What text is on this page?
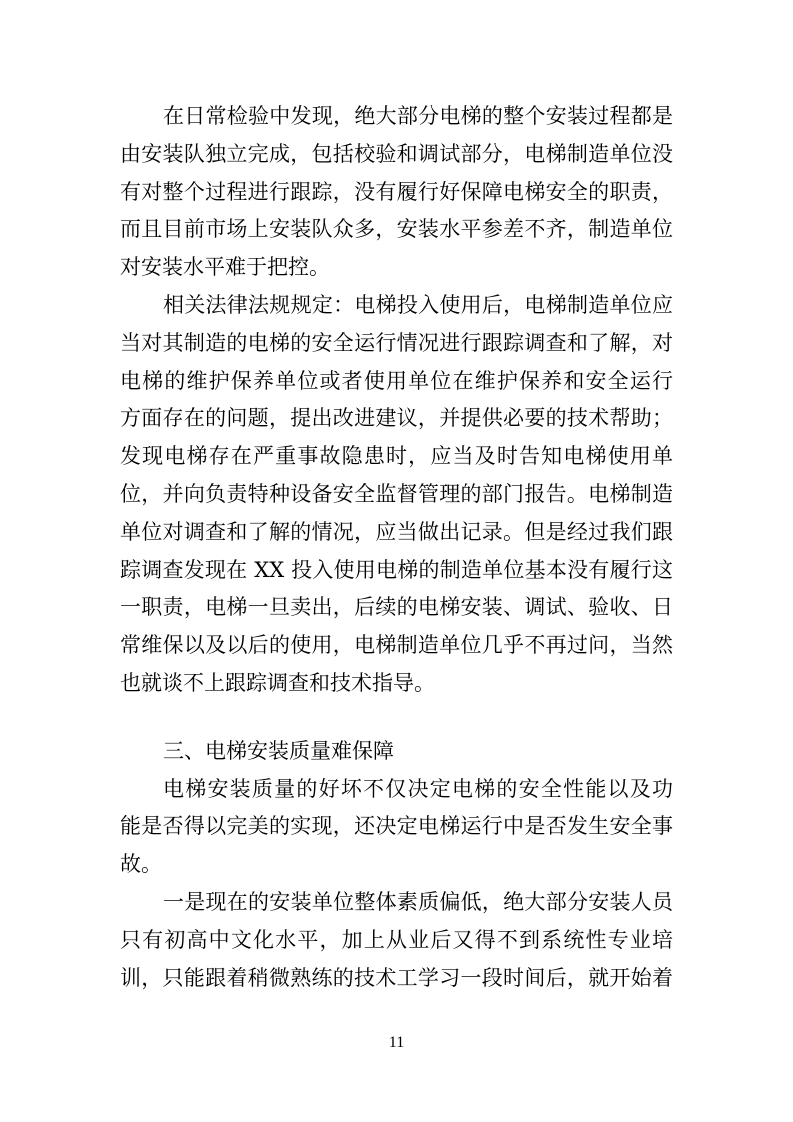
在日常检验中发现，绝大部分电梯的整个安装过程都是
由安装队独立完成，包括校验和调试部分，电梯制造单位没
有对整个过程进行跟踪，没有履行好保障电梯安全的职责，
而且目前市场上安装队众多，安装水平参差不齐，制造单位
对安装水平难于把控。
相关法律法规规定：电梯投入使用后，电梯制造单位应
当对其制造的电梯的安全运行情况进行跟踪调查和了解，对
电梯的维护保养单位或者使用单位在维护保养和安全运行
方面存在的问题，提出改进建议，并提供必要的技术帮助；
发现电梯存在严重事故隐患时，应当及时告知电梯使用单
位，并向负责特种设备安全监督管理的部门报告。电梯制造
单位对调查和了解的情况，应当做出记录。但是经过我们跟
踪调查发现在 XX 投入使用电梯的制造单位基本没有履行这
一职责，电梯一旦卖出，后续的电梯安装、调试、验收、日
常维保以及以后的使用，电梯制造单位几乎不再过问，当然
也就谈不上跟踪调查和技术指导。
三、电梯安装质量难保障
电梯安装质量的好坏不仅决定电梯的安全性能以及功
能是否得以完美的实现，还决定电梯运行中是否发生安全事
故。
一是现在的安装单位整体素质偏低，绝大部分安装人员
只有初高中文化水平，加上从业后又得不到系统性专业培
训，只能跟着稍微熟练的技术工学习一段时间后，就开始着
11
